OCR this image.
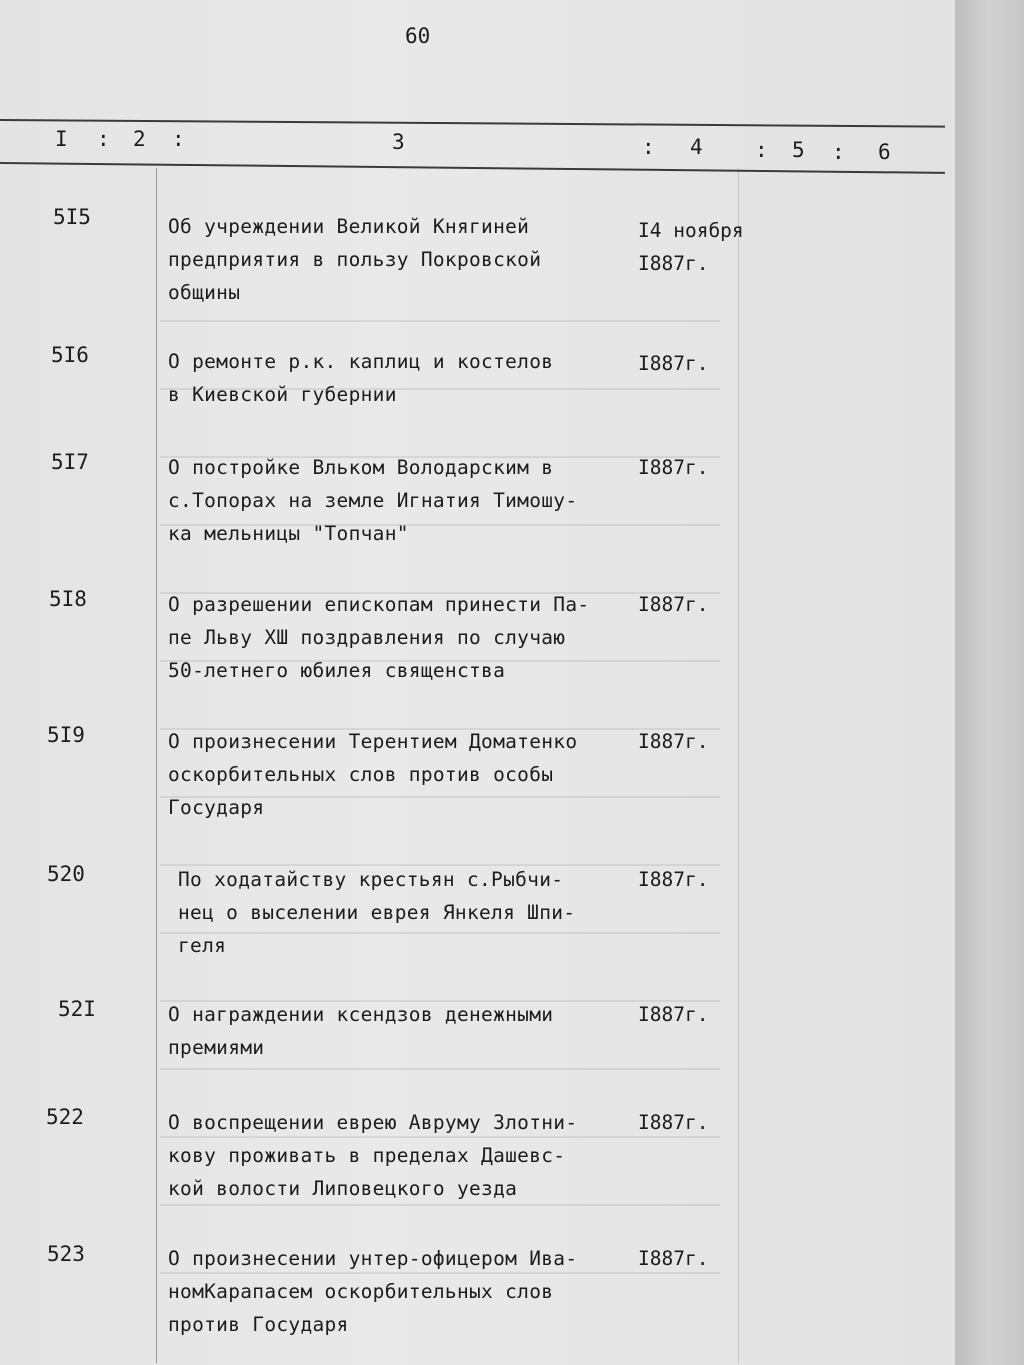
60
I : 2 :	3	: 4 : 5 : 6
5I5	Об учреждении Великой Княгиней
предприятия в пользу Покровской
общины
I4 ноября
I887г.
5I6	О ремонте р.к. каплиц и костелов
в Киевской губернии
I887г.
5I7	О постройке Вльком Володарским в
с.Топорах на земле Игнатия Тимошу-
ка мельницы "Топчан"
I887г.
5I8	О разрешении епископам принести Па-
пе Льву XШ поздравления по случаю
50-летнего юбилея священства
I887г.
5I9	О произнесении Терентием Доматенко
оскорбительных слов против особы
Государя
I887г.
520	По ходатайству крестьян с.Рыбчи-
нец о выселении еврея Янкеля Шпи-
геля
I887г.
52I	О награждении ксендзов денежными
премиями
I887г.
522	О воспрещении еврею Авруму Злотни-
кову проживать в пределах Дашевс-
кой волости Липовецкого уезда
I887г.
523	О произнесении унтер-офицером Ива-
номКарапасем оскорбительных слов
против Государя
I887г.
